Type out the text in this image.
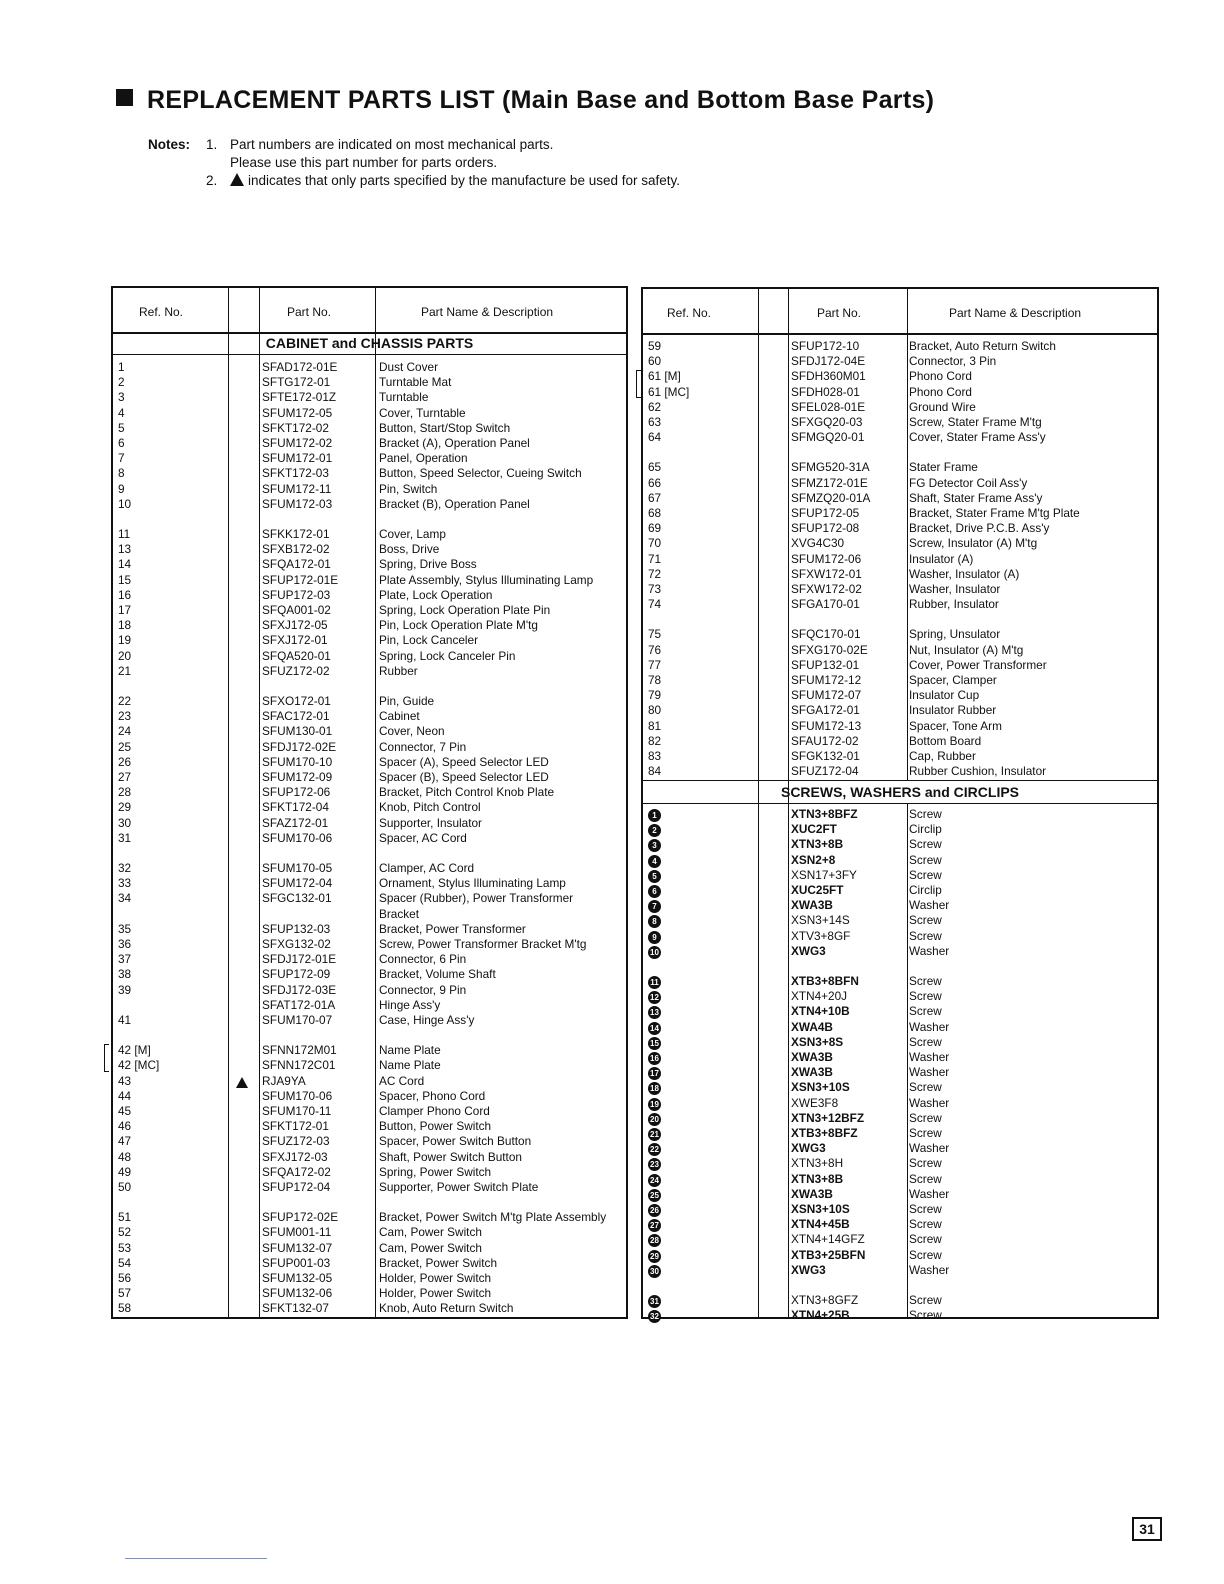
REPLACEMENT PARTS LIST (Main Base and Bottom Base Parts)
Notes:	1. Part numbers are indicated on most mechanical parts.
Please use this part number for parts orders.
2. indicates that only parts specified by the manufacture be used for safety.
Ref. No.	Part No.	Part Name & Description
CABINET and CHASSIS PARTS
1	SFAD172-01E	Dust Cover
2	SFTG172-01	Turntable Mat
3	SFTE172-01Z	Turntable
4	SFUM172-05	Cover, Turntable
5	SFKT172-02	Button, Start/Stop Switch
6	SFUM172-02	Bracket (A), Operation Panel
7	SFUM172-01	Panel, Operation
8	SFKT172-03	Button, Speed Selector, Cueing Switch
9	SFUM172-11	Pin, Switch
10	SFUM172-03	Bracket (B), Operation Panel
11	SFKK172-01	Cover, Lamp
13	SFXB172-02	Boss, Drive
14	SFQA172-01	Spring, Drive Boss
15	SFUP172-01E	Plate Assembly, Stylus Illuminating Lamp
16	SFUP172-03	Plate, Lock Operation
17	SFQA001-02	Spring, Lock Operation Plate Pin
18	SFXJ172-05	Pin, Lock Operation Plate M'tg
19	SFXJ172-01	Pin, Lock Canceler
20	SFQA520-01	Spring, Lock Canceler Pin
21	SFUZ172-02	Rubber
22	SFXO172-01	Pin, Guide
23	SFAC172-01	Cabinet
24	SFUM130-01	Cover, Neon
25	SFDJ172-02E	Connector, 7 Pin
26	SFUM170-10	Spacer (A), Speed Selector LED
27	SFUM172-09	Spacer (B), Speed Selector LED
28	SFUP172-06	Bracket, Pitch Control Knob Plate
29	SFKT172-04	Knob, Pitch Control
30	SFAZ172-01	Supporter, Insulator
31	SFUM170-06	Spacer, AC Cord
32	SFUM170-05	Clamper, AC Cord
33	SFUM172-04	Ornament, Stylus Illuminating Lamp
34	SFGC132-01	Spacer (Rubber), Power Transformer
Bracket
35	SFUP132-03	Bracket, Power Transformer
36	SFXG132-02	Screw, Power Transformer Bracket M'tg
37	SFDJ172-01E	Connector, 6 Pin
38	SFUP172-09	Bracket, Volume Shaft
39	SFDJ172-03E	Connector, 9 Pin
SFAT172-01A	Hinge Ass'y
41	SFUM170-07	Case, Hinge Ass'y
42 [M]	SFNN172M01	Name Plate
42 [MC]	SFNN172C01	Name Plate
43	RJA9YA	AC Cord
44	SFUM170-06	Spacer, Phono Cord
45	SFUM170-11	Clamper Phono Cord
46	SFKT172-01	Button, Power Switch
47	SFUZ172-03	Spacer, Power Switch Button
48	SFXJ172-03	Shaft, Power Switch Button
49	SFQA172-02	Spring, Power Switch
50	SFUP172-04	Supporter, Power Switch Plate
51	SFUP172-02E	Bracket, Power Switch M'tg Plate Assembly
52	SFUM001-11	Cam, Power Switch
53	SFUM132-07	Cam, Power Switch
54	SFUP001-03	Bracket, Power Switch
56	SFUM132-05	Holder, Power Switch
57	SFUM132-06	Holder, Power Switch
58	SFKT132-07	Knob, Auto Return Switch
Ref. No.	Part No.	Part Name & Description
59	SFUP172-10	Bracket, Auto Return Switch
60	SFDJ172-04E	Connector, 3 Pin
61 [M]	SFDH360M01	Phono Cord
61 [MC]	SFDH028-01	Phono Cord
62	SFEL028-01E	Ground Wire
63	SFXGQ20-03	Screw, Stater Frame M'tg
64	SFMGQ20-01	Cover, Stater Frame Ass'y
65	SFMG520-31A	Stater Frame
66	SFMZ172-01E	FG Detector Coil Ass'y
67	SFMZQ20-01A	Shaft, Stater Frame Ass'y
68	SFUP172-05	Bracket, Stater Frame M'tg Plate
69	SFUP172-08	Bracket, Drive P.C.B. Ass'y
70	XVG4C30	Screw, Insulator (A) M'tg
71	SFUM172-06	Insulator (A)
72	SFXW172-01	Washer, Insulator (A)
73	SFXW172-02	Washer, Insulator
74	SFGA170-01	Rubber, Insulator
75	SFQC170-01	Spring, Unsulator
76	SFXG170-02E	Nut, Insulator (A) M'tg
77	SFUP132-01	Cover, Power Transformer
78	SFUM172-12	Spacer, Clamper
79	SFUM172-07	Insulator Cup
80	SFGA172-01	Insulator Rubber
81	SFUM172-13	Spacer, Tone Arm
82	SFAU172-02	Bottom Board
83	SFGK132-01	Cap, Rubber
84	SFUZ172-04	Rubber Cushion, Insulator
SCREWS, WASHERS and CIRCLIPS
1	XTN3+8BFZ	Screw
2	XUC2FT	Circlip
3	XTN3+8B	Screw
4	XSN2+8	Screw
5	XSN17+3FY	Screw
6	XUC25FT	Circlip
7	XWA3B	Washer
8	XSN3+14S	Screw
9	XTV3+8GF	Screw
10	XWG3	Washer
11	XTB3+8BFN	Screw
12	XTN4+20J	Screw
13	XTN4+10B	Screw
14	XWA4B	Washer
15	XSN3+8S	Screw
16	XWA3B	Washer
17	XWA3B	Washer
18	XSN3+10S	Screw
19	XWE3F8	Washer
20	XTN3+12BFZ	Screw
21	XTB3+8BFZ	Screw
22	XWG3	Washer
23	XTN3+8H	Screw
24	XTN3+8B	Screw
25	XWA3B	Washer
26	XSN3+10S	Screw
27	XTN4+45B	Screw
28	XTN4+14GFZ	Screw
29	XTB3+25BFN	Screw
30	XWG3	Washer
31	XTN3+8GFZ	Screw
32	XTN4+25B	Screw
31
